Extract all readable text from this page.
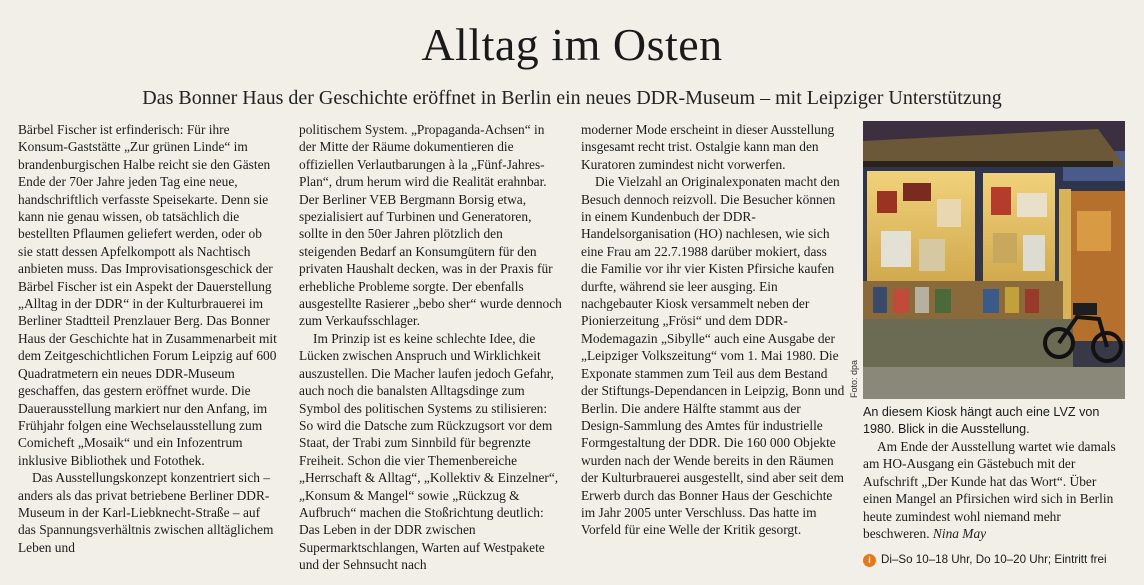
Alltag im Osten
Das Bonner Haus der Geschichte eröffnet in Berlin ein neues DDR-Museum – mit Leipziger Unterstützung

Bärbel Fischer ist erfinderisch: Für ihre Konsum-Gaststätte „Zur grünen Linde“ im brandenburgischen Halbe reicht sie den Gästen Ende der 70er Jahre jeden Tag eine neue, handschriftlich verfasste Speisekarte. Denn sie kann nie genau wissen, ob tatsächlich die bestellten Pflaumen geliefert werden, oder ob sie statt dessen Apfelkompott als Nachtisch anbieten muss. Das Improvisationsgeschick der Bärbel Fischer ist ein Aspekt der Dauerstellung „Alltag in der DDR“ in der Kulturbrauerei im Berliner Stadtteil Prenzlauer Berg. Das Bonner Haus der Geschichte hat in Zusammenarbeit mit dem Zeitgeschichtlichen Forum Leipzig auf 600 Quadratmetern ein neues DDR-Museum geschaffen, das gestern eröffnet wurde. Die Dauerausstellung markiert nur den Anfang, im Frühjahr folgen eine Wechselausstellung zum Comicheft „Mosaik“ und ein Infozentrum inklusive Bibliothek und Fotothek.

Das Ausstellungskonzept konzentriert sich – anders als das privat betriebene Berliner DDR-Museum in der Karl-Liebknecht-Straße – auf das Spannungsverhältnis zwischen alltäglichem Leben und

politischem System. „Propaganda-Achsen“ in der Mitte der Räume dokumentieren die offiziellen Verlautbarungen à la „Fünf-Jahres-Plan“, drum herum wird die Realität erahnbar. Der Berliner VEB Bergmann Borsig etwa, spezialisiert auf Turbinen und Generatoren, sollte in den 50er Jahren plötzlich den steigenden Bedarf an Konsumgütern für den privaten Haushalt decken, was in der Praxis für erhebliche Probleme sorgte. Der ebenfalls ausgestellte Rasierer „bebo sher“ wurde dennoch zum Verkaufsschlager.

Im Prinzip ist es keine schlechte Idee, die Lücken zwischen Anspruch und Wirklichkeit auszustellen. Die Macher laufen jedoch Gefahr, auch noch die banalsten Alltagsdinge zum Symbol des politischen Systems zu stilisieren: So wird die Datsche zum Rückzugsort vor dem Staat, der Trabi zum Sinnbild für begrenzte Freiheit. Schon die vier Themenbereiche „Herrschaft & Alltag“, „Kollektiv & Einzelner“, „Konsum & Mangel“ sowie „Rückzug & Aufbruch“ machen die Stoßrichtung deutlich: Das Leben in der DDR zwischen Supermarktschlangen, Warten auf Westpakete und der Sehnsucht nach

moderner Mode erscheint in dieser Ausstellung insgesamt recht trist. Ostalgie kann man den Kuratoren zumindest nicht vorwerfen.

Die Vielzahl an Originalexponaten macht den Besuch dennoch reizvoll. Die Besucher können in einem Kundenbuch der DDR-Handelsorganisation (HO) nachlesen, wie sich eine Frau am 22.7.1988 darüber mokiert, dass die Familie vor ihr vier Kisten Pfirsiche kaufen durfte, während sie leer ausging. Ein nachgebauter Kiosk versammelt neben der Pionierzeitung „Frösi“ und dem DDR-Modemagazin „Sibylle“ auch eine Ausgabe der „Leipziger Volkszeitung“ vom 1. Mai 1980. Die Exponate stammen zum Teil aus dem Bestand der Stiftungs-Dependancen in Leipzig, Bonn und Berlin. Die andere Hälfte stammt aus der Design-Sammlung des Amtes für industrielle Formgestaltung der DDR. Die 160 000 Objekte wurden nach der Wende bereits in den Räumen der Kulturbrauerei ausgestellt, sind aber seit dem Erwerb durch das Bonner Haus der Geschichte im Jahr 2005 unter Verschluss. Das hatte im Vorfeld für eine Welle der Kritik gesorgt.

Foto: dpa
An diesem Kiosk hängt auch eine LVZ von 1980. Blick in die Ausstellung.

Am Ende der Ausstellung wartet wie damals am HO-Ausgang ein Gästebuch mit der Aufschrift „Der Kunde hat das Wort“. Über einen Mangel an Pfirsichen wird sich in Berlin heute zumindest wohl niemand mehr beschweren. Nina May

i Di–So 10–18 Uhr, Do 10–20 Uhr; Eintritt frei
